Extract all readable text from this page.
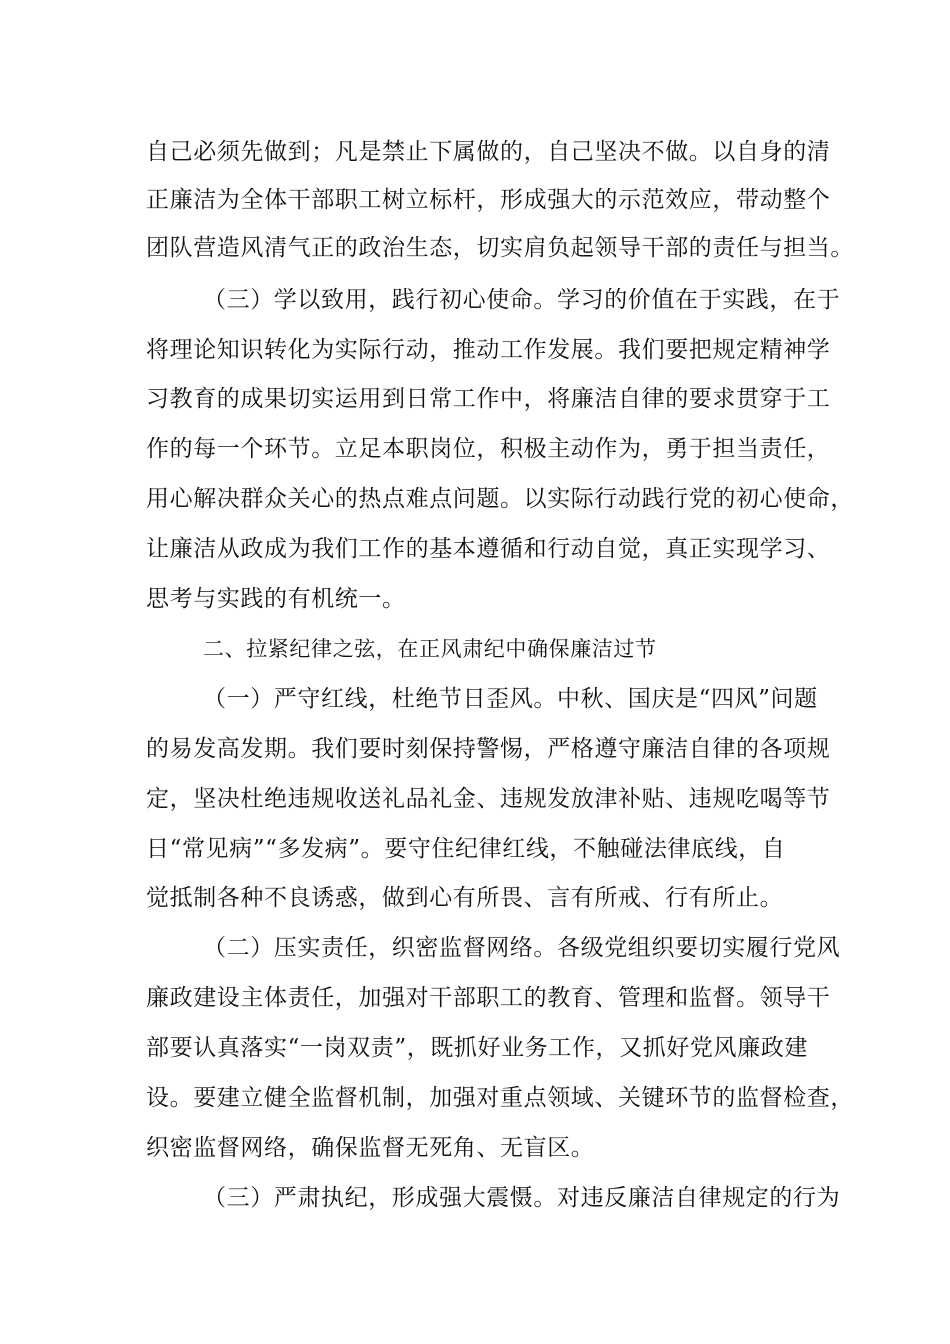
自己必须先做到；凡是禁止下属做的，自己坚决不做。以自身的清
正廉洁为全体干部职工树立标杆，形成强大的示范效应，带动整个
团队营造风清气正的政治生态，切实肩负起领导干部的责任与担当。
（三）学以致用，践行初心使命。学习的价值在于实践，在于
将理论知识转化为实际行动，推动工作发展。我们要把规定精神学
习教育的成果切实运用到日常工作中，将廉洁自律的要求贯穿于工
作的每一个环节。立足本职岗位，积极主动作为，勇于担当责任，
用心解决群众关心的热点难点问题。以实际行动践行党的初心使命，
让廉洁从政成为我们工作的基本遵循和行动自觉，真正实现学习、
思考与实践的有机统一。
二、拉紧纪律之弦，在正风肃纪中确保廉洁过节
（一）严守红线，杜绝节日歪风。中秋、国庆是“四风”问题
的易发高发期。我们要时刻保持警惕，严格遵守廉洁自律的各项规
定，坚决杜绝违规收送礼品礼金、违规发放津补贴、违规吃喝等节
日“常见病”“多发病”。要守住纪律红线，不触碰法律底线，自
觉抵制各种不良诱惑，做到心有所畏、言有所戒、行有所止。
（二）压实责任，织密监督网络。各级党组织要切实履行党风
廉政建设主体责任，加强对干部职工的教育、管理和监督。领导干
部要认真落实“一岗双责”，既抓好业务工作，又抓好党风廉政建
设。要建立健全监督机制，加强对重点领域、关键环节的监督检查，
织密监督网络，确保监督无死角、无盲区。
（三）严肃执纪，形成强大震慑。对违反廉洁自律规定的行为
